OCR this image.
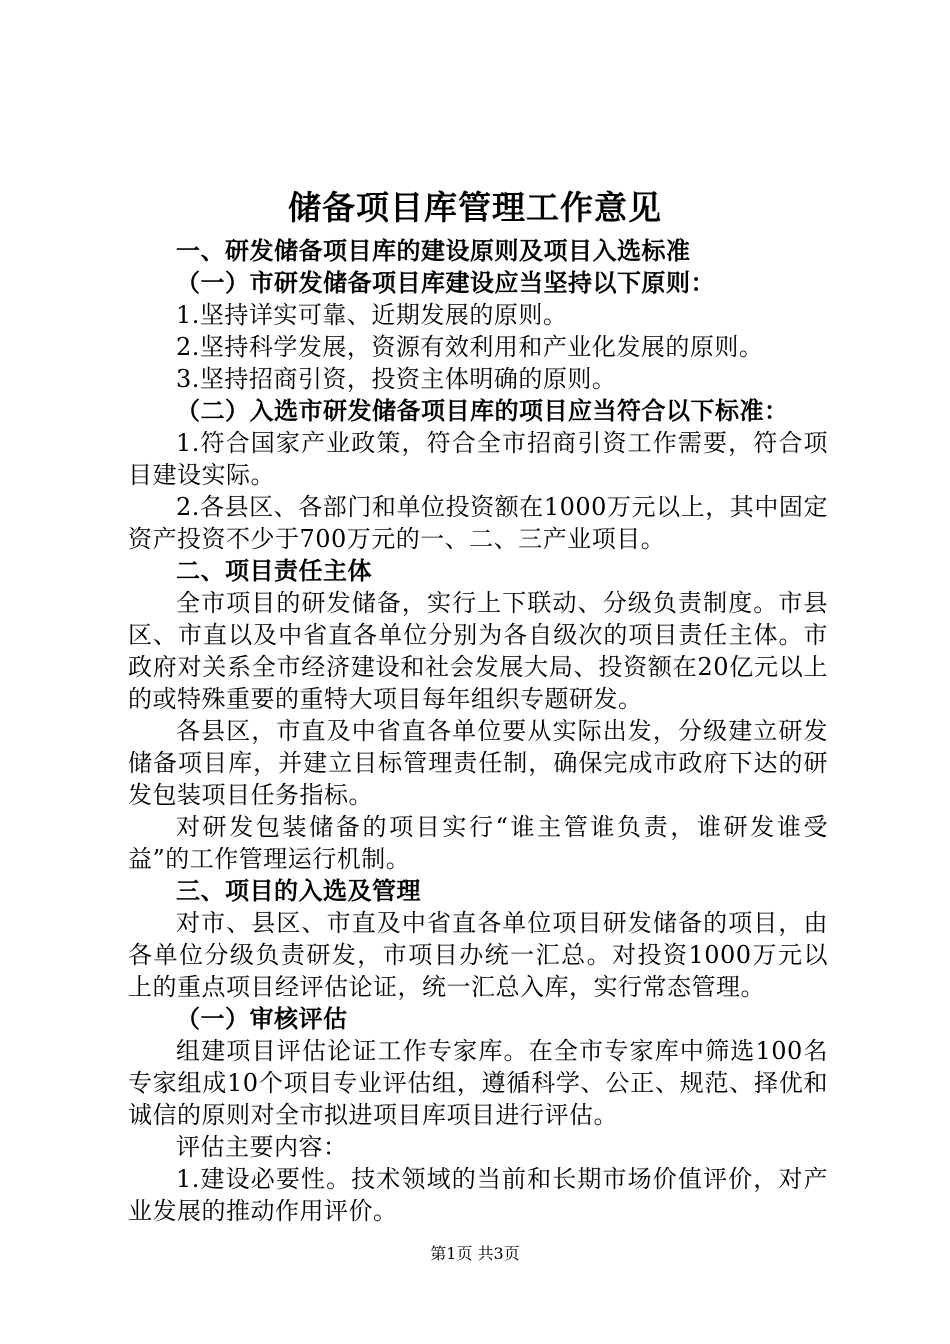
储备项目库管理工作意见

一、研发储备项目库的建设原则及项目入选标准

（一）市研发储备项目库建设应当坚持以下原则：

1.坚持详实可靠、近期发展的原则。

2.坚持科学发展，资源有效利用和产业化发展的原则。

3.坚持招商引资，投资主体明确的原则。

（二）入选市研发储备项目库的项目应当符合以下标准：

1.符合国家产业政策，符合全市招商引资工作需要，符合项目建设实际。

2.各县区、各部门和单位投资额在1000万元以上，其中固定资产投资不少于700万元的一、二、三产业项目。

二、项目责任主体

全市项目的研发储备，实行上下联动、分级负责制度。市县区、市直以及中省直各单位分别为各自级次的项目责任主体。市政府对关系全市经济建设和社会发展大局、投资额在20亿元以上的或特殊重要的重特大项目每年组织专题研发。

各县区，市直及中省直各单位要从实际出发，分级建立研发储备项目库，并建立目标管理责任制，确保完成市政府下达的研发包装项目任务指标。

对研发包装储备的项目实行“谁主管谁负责，谁研发谁受益”的工作管理运行机制。

三、项目的入选及管理

对市、县区、市直及中省直各单位项目研发储备的项目，由各单位分级负责研发，市项目办统一汇总。对投资1000万元以上的重点项目经评估论证，统一汇总入库，实行常态管理。

（一）审核评估

组建项目评估论证工作专家库。在全市专家库中筛选100名专家组成10个项目专业评估组，遵循科学、公正、规范、择优和诚信的原则对全市拟进项目库项目进行评估。

评估主要内容：

1.建设必要性。技术领域的当前和长期市场价值评价，对产业发展的推动作用评价。

第1页 共3页
